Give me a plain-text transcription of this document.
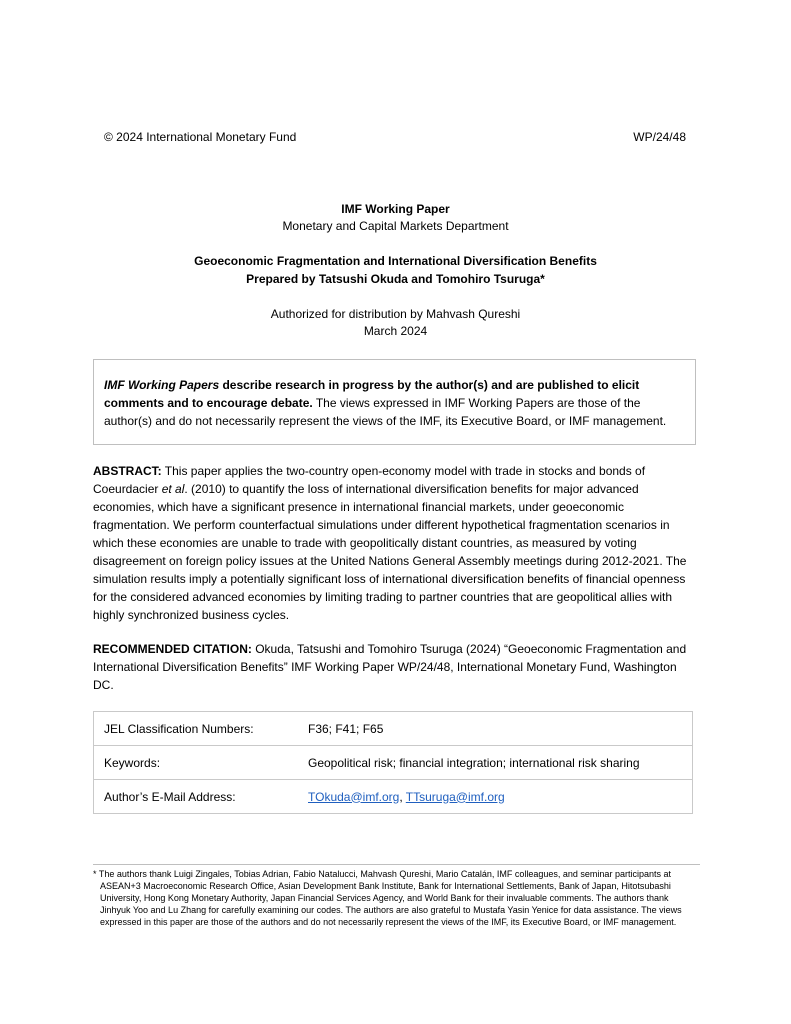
© 2024 International Monetary Fund	WP/24/48
IMF Working Paper
Monetary and Capital Markets Department
Geoeconomic Fragmentation and International Diversification Benefits
Prepared by Tatsushi Okuda and Tomohiro Tsuruga*
Authorized for distribution by Mahvash Qureshi
March 2024
IMF Working Papers describe research in progress by the author(s) and are published to elicit comments and to encourage debate. The views expressed in IMF Working Papers are those of the author(s) and do not necessarily represent the views of the IMF, its Executive Board, or IMF management.
ABSTRACT: This paper applies the two-country open-economy model with trade in stocks and bonds of Coeurdacier et al. (2010) to quantify the loss of international diversification benefits for major advanced economies, which have a significant presence in international financial markets, under geoeconomic fragmentation. We perform counterfactual simulations under different hypothetical fragmentation scenarios in which these economies are unable to trade with geopolitically distant countries, as measured by voting disagreement on foreign policy issues at the United Nations General Assembly meetings during 2012-2021. The simulation results imply a potentially significant loss of international diversification benefits of financial openness for the considered advanced economies by limiting trading to partner countries that are geopolitical allies with highly synchronized business cycles.
RECOMMENDED CITATION: Okuda, Tatsushi and Tomohiro Tsuruga (2024) “Geoeconomic Fragmentation and International Diversification Benefits” IMF Working Paper WP/24/48, International Monetary Fund, Washington DC.
JEL Classification Numbers:	F36; F41; F65
Keywords:	Geopolitical risk; financial integration; international risk sharing
Author’s E-Mail Address:	TOkuda@imf.org, TTsuruga@imf.org
* The authors thank Luigi Zingales, Tobias Adrian, Fabio Natalucci, Mahvash Qureshi, Mario Catalán, IMF colleagues, and seminar participants at ASEAN+3 Macroeconomic Research Office, Asian Development Bank Institute, Bank for International Settlements, Bank of Japan, Hitotsubashi University, Hong Kong Monetary Authority, Japan Financial Services Agency, and World Bank for their invaluable comments. The authors thank Jinhyuk Yoo and Lu Zhang for carefully examining our codes. The authors are also grateful to Mustafa Yasin Yenice for data assistance. The views expressed in this paper are those of the authors and do not necessarily represent the views of the IMF, its Executive Board, or IMF management.
